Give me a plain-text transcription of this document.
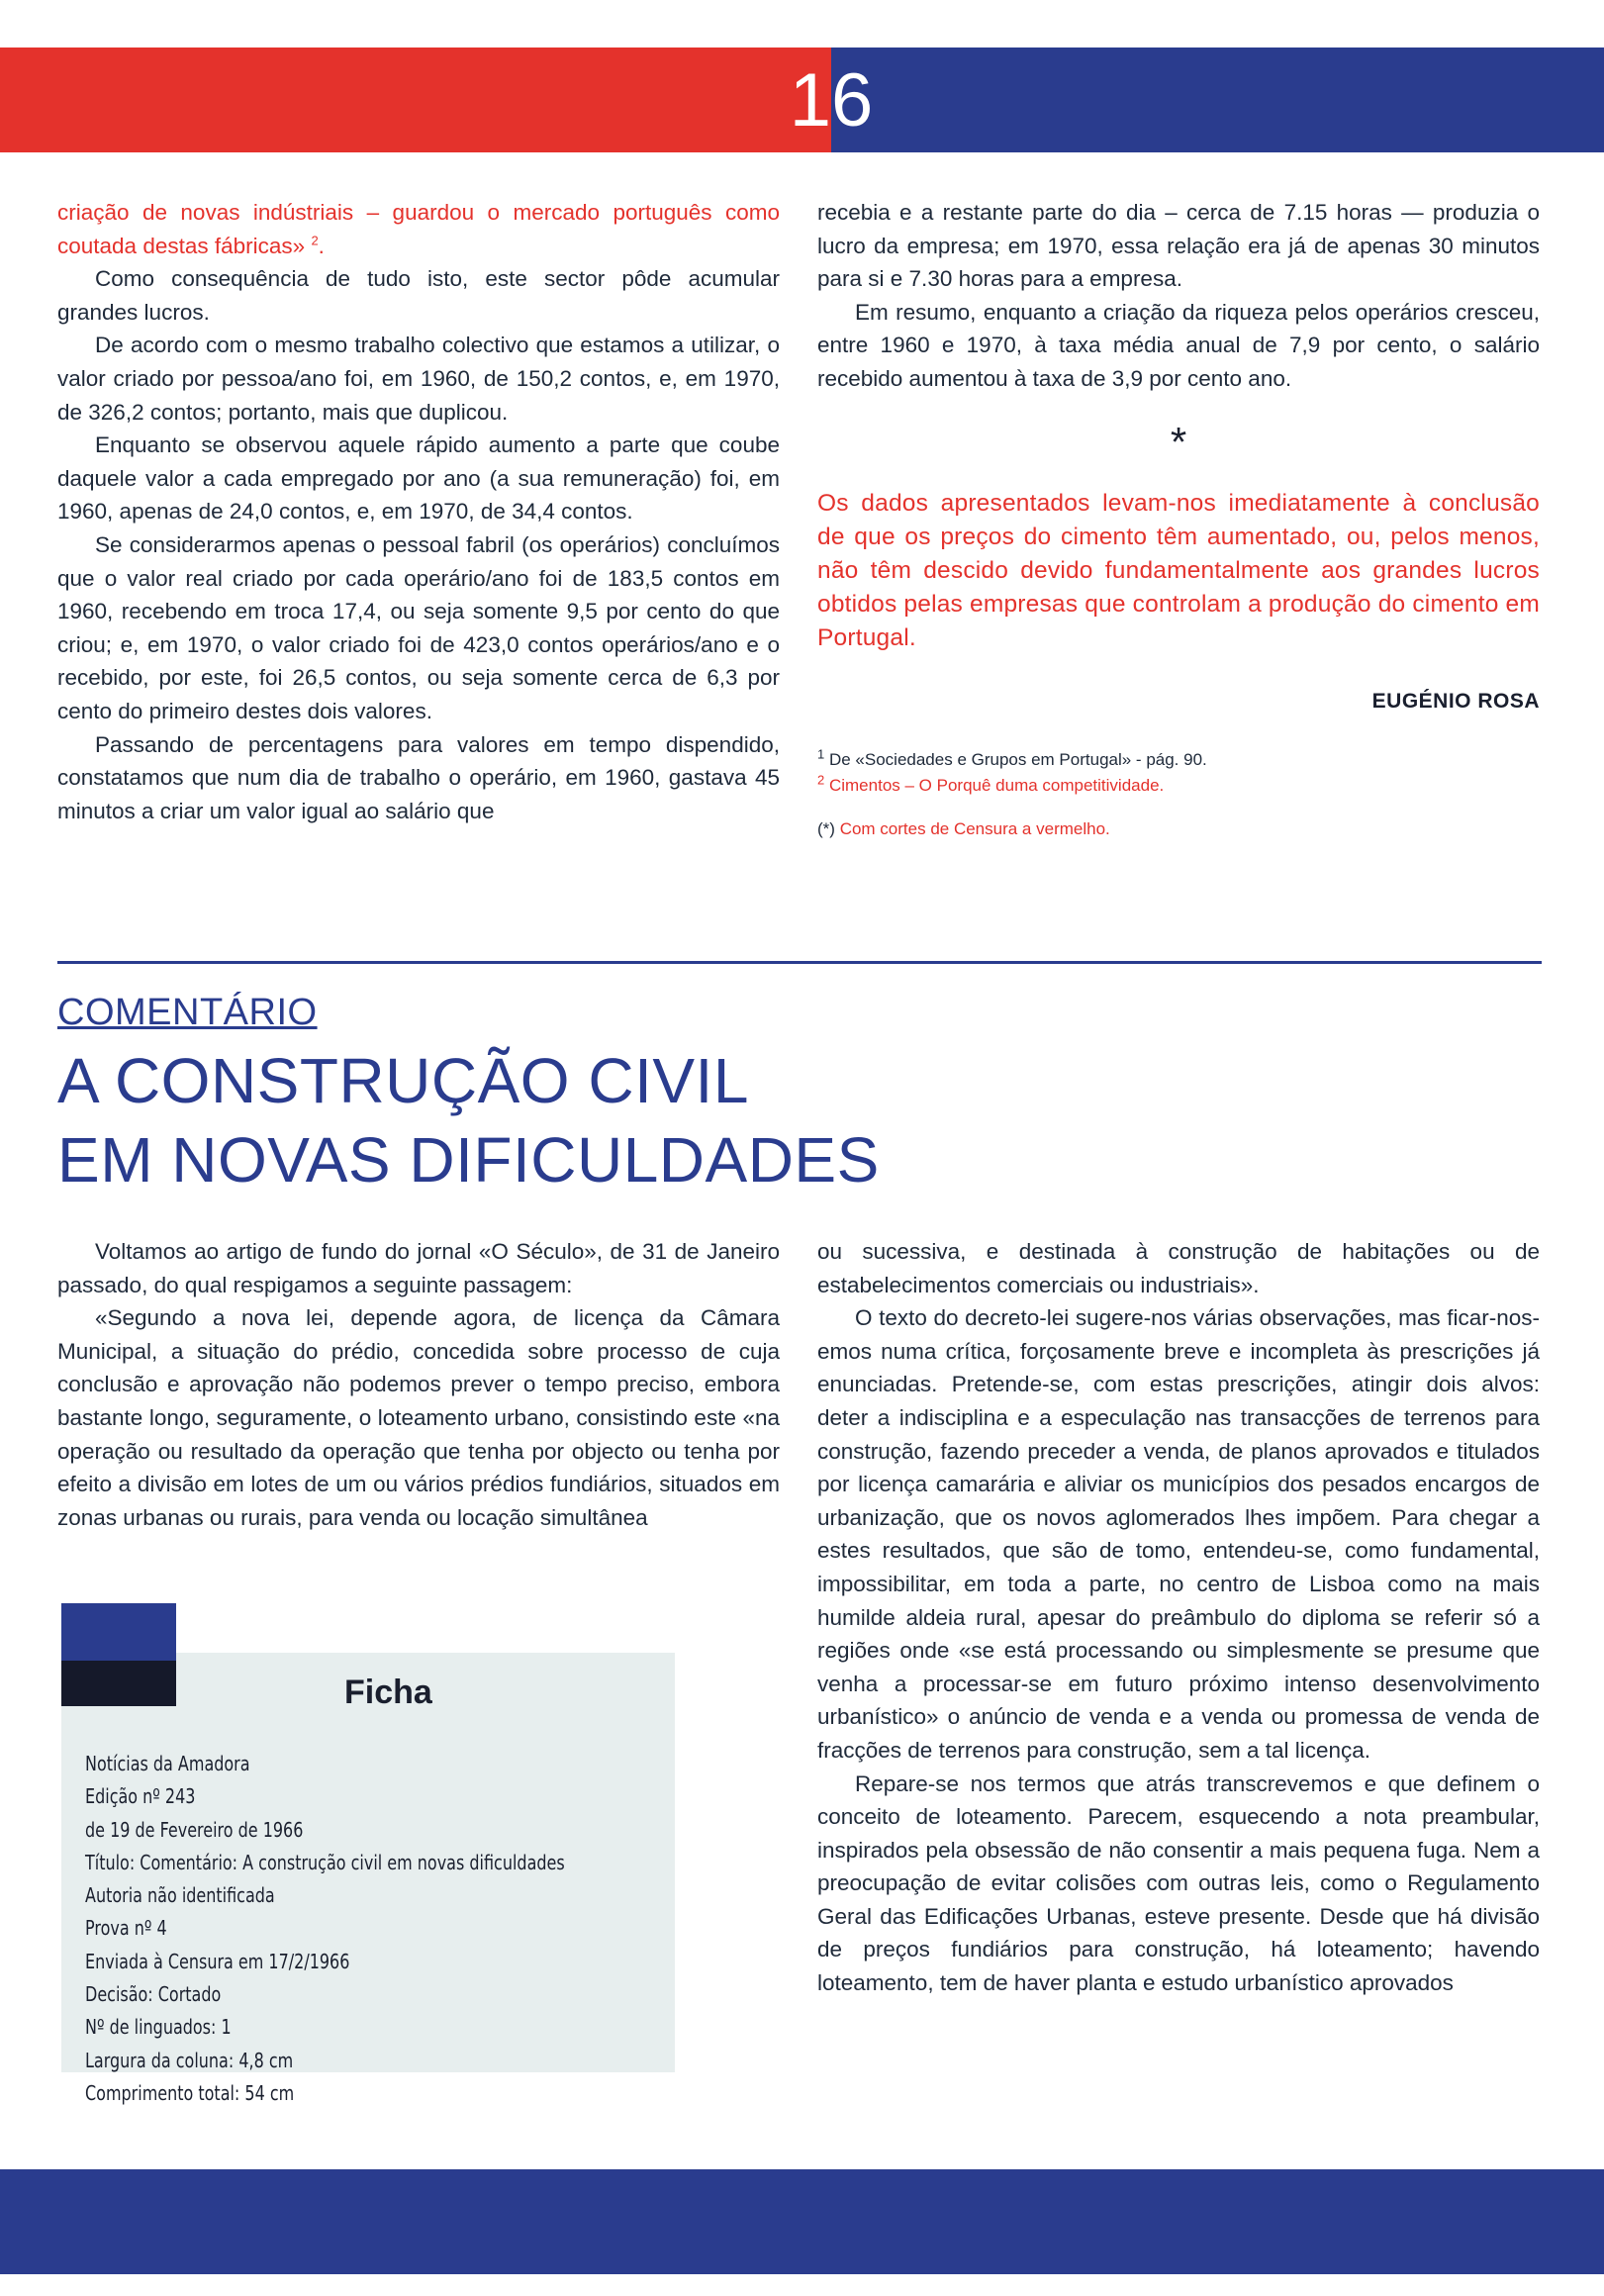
16

criação de novas indústriais – guardou o mercado português como coutada destas fábricas» $^2$.

Como consequência de tudo isto, este sector pôde acumular grandes lucros.

De acordo com o mesmo trabalho colectivo que estamos a utilizar, o valor criado por pessoa/ano foi, em 1960, de 150,2 contos, e, em 1970, de 326,2 contos; portanto, mais que duplicou.

Enquanto se observou aquele rápido aumento a parte que coube daquele valor a cada empregado por ano (a sua remuneração) foi, em 1960, apenas de 24,0 contos, e, em 1970, de 34,4 contos.

Se considerarmos apenas o pessoal fabril (os operários) concluímos que o valor real criado por cada operário/ano foi de 183,5 contos em 1960, recebendo em troca 17,4, ou seja somente 9,5 por cento do que criou; e, em 1970, o valor criado foi de 423,0 contos operários/ano e o recebido, por este, foi 26,5 contos, ou seja somente cerca de 6,3 por cento do primeiro destes dois valores.

Passando de percentagens para valores em tempo dispendido, constatamos que num dia de trabalho o operário, em 1960, gastava 45 minutos a criar um valor igual ao salário que

recebia e a restante parte do dia – cerca de 7.15 horas — produzia o lucro da empresa; em 1970, essa relação era já de apenas 30 minutos para si e 7.30 horas para a empresa.

Em resumo, enquanto a criação da riqueza pelos operários cresceu, entre 1960 e 1970, à taxa média anual de 7,9 por cento, o salário recebido aumentou à taxa de 3,9 por cento ano.

*
Os dados apresentados levam-nos imediatamente à conclusão de que os preços do cimento têm aumentado, ou, pelos menos, não têm descido devido fundamentalmente aos grandes lucros obtidos pelas empresas que controlam a produção do cimento em Portugal.
EUGÉNIO ROSA
$^1$ De «Sociedades e Grupos em Portugal» - pág. 90.
$^2$ Cimentos – O Porquê duma competitividade.
(*) Com cortes de Censura a vermelho.
COMENTÁRIO
A CONSTRUÇÃO CIVIL
EM NOVAS DIFICULDADES

Voltamos ao artigo de fundo do jornal «O Século», de 31 de Janeiro passado, do qual respigamos a seguinte passagem:

«Segundo a nova lei, depende agora, de licença da Câmara Municipal, a situação do prédio, concedida sobre processo de cuja conclusão e aprovação não podemos prever o tempo preciso, embora bastante longo, seguramente, o loteamento urbano, consistindo este «na operação ou resultado da operação que tenha por objecto ou tenha por efeito a divisão em lotes de um ou vários prédios fundiários, situados em zonas urbanas ou rurais, para venda ou locação simultânea

Ficha
Notícias da Amadora
Edição nº 243
de 19 de Fevereiro de 1966
Título: Comentário: A construção civil em novas dificuldades
Autoria não identificada
Prova nº 4
Enviada à Censura em 17/2/1966
Decisão: Cortado
Nº de linguados: 1
Largura da coluna: 4,8 cm
Comprimento total: 54 cm

ou sucessiva, e destinada à construção de habitações ou de estabelecimentos comerciais ou industriais».

O texto do decreto-lei sugere-nos várias observações, mas ficar-nos-emos numa crítica, forçosamente breve e incompleta às prescrições já enunciadas. Pretende-se, com estas prescrições, atingir dois alvos: deter a indisciplina e a especulação nas transacções de terrenos para construção, fazendo preceder a venda, de planos aprovados e titulados por licença camarária e aliviar os municípios dos pesados encargos de urbanização, que os novos aglomerados lhes impõem. Para chegar a estes resultados, que são de tomo, entendeu-se, como fundamental, impossibilitar, em toda a parte, no centro de Lisboa como na mais humilde aldeia rural, apesar do preâmbulo do diploma se referir só a regiões onde «se está processando ou simplesmente se presume que venha a processar-se em futuro próximo intenso desenvolvimento urbanístico» o anúncio de venda e a venda ou promessa de venda de fracções de terrenos para construção, sem a tal licença.

Repare-se nos termos que atrás transcrevemos e que definem o conceito de loteamento. Parecem, esquecendo a nota preambular, inspirados pela obsessão de não consentir a mais pequena fuga. Nem a preocupação de evitar colisões com outras leis, como o Regulamento Geral das Edificações Urbanas, esteve presente. Desde que há divisão de preços fundiários para construção, há loteamento; havendo loteamento, tem de haver planta e estudo urbanístico aprovados
